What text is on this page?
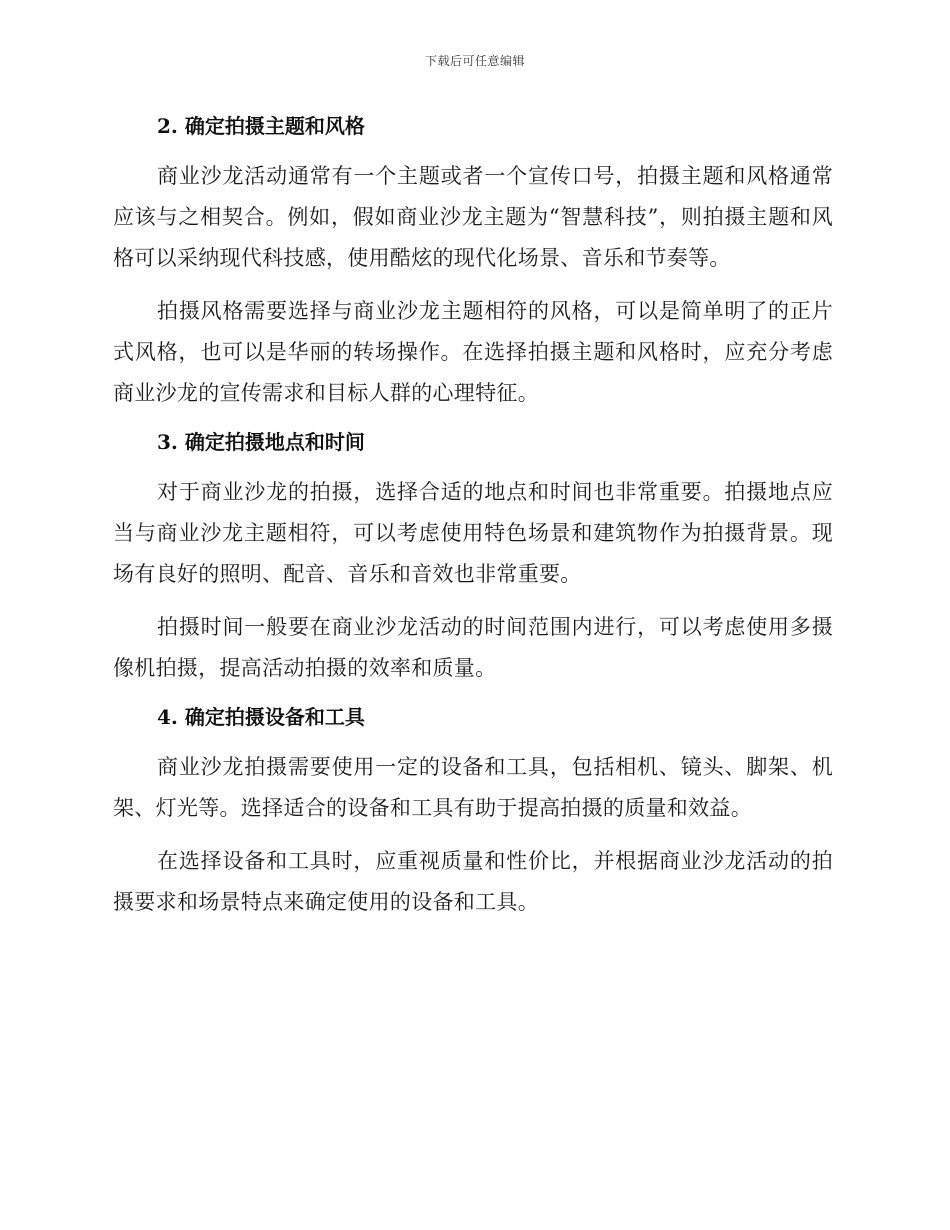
下载后可任意编辑
2. 确定拍摄主题和风格

商业沙龙活动通常有一个主题或者一个宣传口号，拍摄主题和风格通常应该与之相契合。例如，假如商业沙龙主题为“智慧科技”，则拍摄主题和风格可以采纳现代科技感，使用酷炫的现代化场景、音乐和节奏等。

拍摄风格需要选择与商业沙龙主题相符的风格，可以是简单明了的正片式风格，也可以是华丽的转场操作。在选择拍摄主题和风格时，应充分考虑商业沙龙的宣传需求和目标人群的心理特征。

3. 确定拍摄地点和时间

对于商业沙龙的拍摄，选择合适的地点和时间也非常重要。拍摄地点应当与商业沙龙主题相符，可以考虑使用特色场景和建筑物作为拍摄背景。现场有良好的照明、配音、音乐和音效也非常重要。

拍摄时间一般要在商业沙龙活动的时间范围内进行，可以考虑使用多摄像机拍摄，提高活动拍摄的效率和质量。

4. 确定拍摄设备和工具

商业沙龙拍摄需要使用一定的设备和工具，包括相机、镜头、脚架、机架、灯光等。选择适合的设备和工具有助于提高拍摄的质量和效益。

在选择设备和工具时，应重视质量和性价比，并根据商业沙龙活动的拍摄要求和场景特点来确定使用的设备和工具。
